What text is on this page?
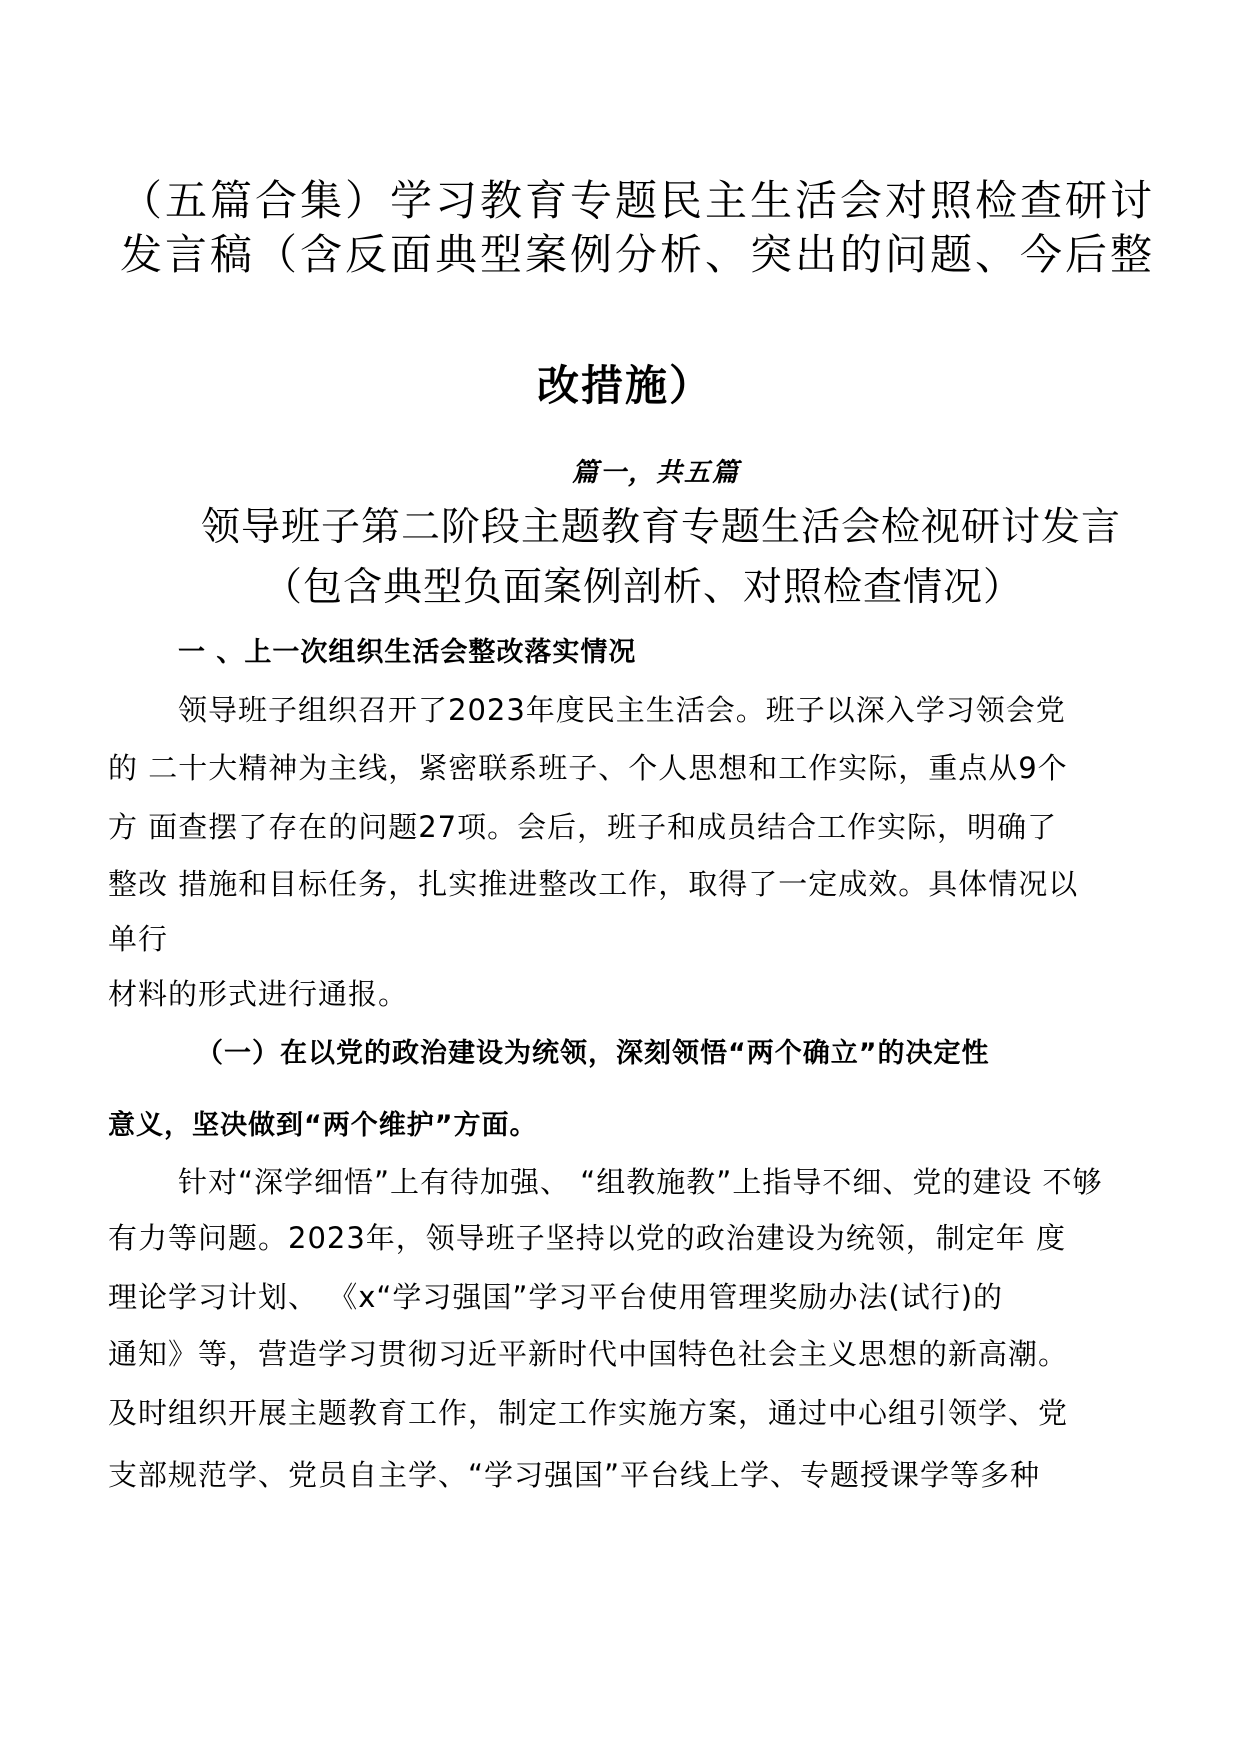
（五篇合集）学习教育专题民主生活会对照检查研讨
发言稿（含反面典型案例分析、突出的问题、今后整
改措施）
篇一，共五篇
领导班子第二阶段主题教育专题生活会检视研讨发言
（包含典型负面案例剖析、对照检查情况）
一 、上一次组织生活会整改落实情况
领导班子组织召开了2023年度民主生活会。班子以深入学习领会党
的 二十大精神为主线，紧密联系班子、个人思想和工作实际，重点从9个
方 面查摆了存在的问题27项。会后，班子和成员结合工作实际，明确了
整改 措施和目标任务，扎实推进整改工作，取得了一定成效。具体情况以
单行
材料的形式进行通报。
（一）在以党的政治建设为统领，深刻领悟“两个确立”的决定性
意义，坚决做到“两个维护”方面。
针对“深学细悟”上有待加强、 “组教施教”上指导不细、党的建设 不够
有力等问题。2023年，领导班子坚持以党的政治建设为统领，制定年 度
理论学习计划、 《x“学习强国”学习平台使用管理奖励办法(试行)的
通知》等，营造学习贯彻习近平新时代中国特色社会主义思想的新高潮。
及时组织开展主题教育工作，制定工作实施方案，通过中心组引领学、党
支部规范学、党员自主学、“学习强国”平台线上学、专题授课学等多种
